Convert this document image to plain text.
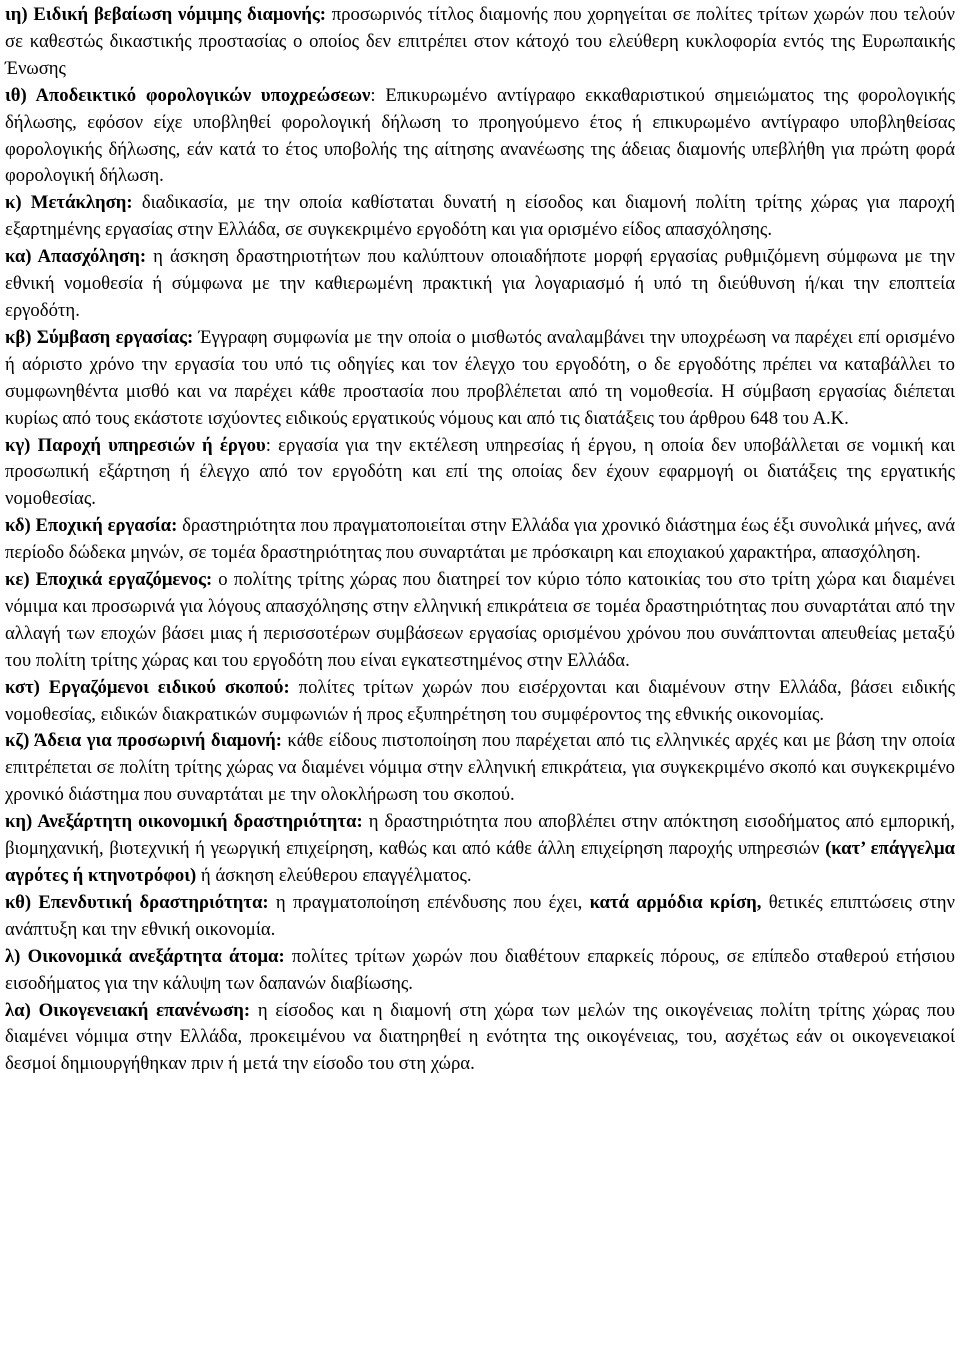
ιη) Ειδική βεβαίωση νόμιμης διαμονής: προσωρινός τίτλος διαμονής που χορηγείται σε πολίτες τρίτων χωρών που τελούν σε καθεστώς δικαστικής προστασίας ο οποίος δεν επιτρέπει στον κάτοχό του ελεύθερη κυκλοφορία εντός της Ευρωπαικής Ένωσης

ιθ) Αποδεικτικό φορολογικών υποχρεώσεων: Επικυρωμένο αντίγραφο εκκαθαριστικού σημειώματος της φορολογικής δήλωσης, εφόσον είχε υποβληθεί φορολογική δήλωση το προηγούμενο έτος ή επικυρωμένο αντίγραφο υποβληθείσας φορολογικής δήλωσης, εάν κατά το έτος υποβολής της αίτησης ανανέωσης της άδειας διαμονής υπεβλήθη για πρώτη φορά φορολογική δήλωση.

κ) Μετάκληση: διαδικασία, με την οποία καθίσταται δυνατή η είσοδος και διαμονή πολίτη τρίτης χώρας για παροχή εξαρτημένης εργασίας στην Ελλάδα, σε συγκεκριμένο εργοδότη και για ορισμένο είδος απασχόλησης.

κα) Απασχόληση: η άσκηση δραστηριοτήτων που καλύπτουν οποιαδήποτε μορφή εργασίας ρυθμιζόμενη σύμφωνα με την εθνική νομοθεσία ή σύμφωνα με την καθιερωμένη πρακτική για λογαριασμό ή υπό τη διεύθυνση ή/και την εποπτεία εργοδότη.

κβ) Σύμβαση εργασίας: Έγγραφη συμφωνία με την οποία ο μισθωτός αναλαμβάνει την υποχρέωση να παρέχει επί ορισμένο ή αόριστο χρόνο την εργασία του υπό τις οδηγίες και τον έλεγχο του εργοδότη, ο δε εργοδότης πρέπει να καταβάλλει το συμφωνηθέντα μισθό και να παρέχει κάθε προστασία που προβλέπεται από τη νομοθεσία. Η σύμβαση εργασίας διέπεται κυρίως από τους εκάστοτε ισχύοντες ειδικούς εργατικούς νόμους και από τις διατάξεις του άρθρου 648 του Α.Κ.

κγ) Παροχή υπηρεσιών ή έργου: εργασία για την εκτέλεση υπηρεσίας ή έργου, η οποία δεν υποβάλλεται σε νομική και προσωπική εξάρτηση ή έλεγχο από τον εργοδότη και επί της οποίας δεν έχουν εφαρμογή οι διατάξεις της εργατικής νομοθεσίας.

κδ) Εποχική εργασία: δραστηριότητα που πραγματοποιείται στην Ελλάδα για χρονικό διάστημα έως έξι συνολικά μήνες, ανά περίοδο δώδεκα μηνών, σε τομέα δραστηριότητας που συναρτάται με πρόσκαιρη και εποχιακού χαρακτήρα, απασχόληση.

κε) Εποχικά εργαζόμενος: ο πολίτης τρίτης χώρας που διατηρεί τον κύριο τόπο κατοικίας του στο τρίτη χώρα και διαμένει νόμιμα και προσωρινά για λόγους απασχόλησης στην ελληνική επικράτεια σε τομέα δραστηριότητας που συναρτάται από την αλλαγή των εποχών βάσει μιας ή περισσοτέρων συμβάσεων εργασίας ορισμένου χρόνου που συνάπτονται απευθείας μεταξύ του πολίτη τρίτης χώρας και του εργοδότη που είναι εγκατεστημένος στην Ελλάδα.

κστ) Εργαζόμενοι ειδικού σκοπού: πολίτες τρίτων χωρών που εισέρχονται και διαμένουν στην Ελλάδα, βάσει ειδικής νομοθεσίας, ειδικών διακρατικών συμφωνιών ή προς εξυπηρέτηση του συμφέροντος της εθνικής οικονομίας.

κζ) Άδεια για προσωρινή διαμονή: κάθε είδους πιστοποίηση που παρέχεται από τις ελληνικές αρχές και με βάση την οποία επιτρέπεται σε πολίτη τρίτης χώρας να διαμένει νόμιμα στην ελληνική επικράτεια, για συγκεκριμένο σκοπό και συγκεκριμένο χρονικό διάστημα που συναρτάται με την ολοκλήρωση του σκοπού.

κη) Ανεξάρτητη οικονομική δραστηριότητα: η δραστηριότητα που αποβλέπει στην απόκτηση εισοδήματος από εμπορική, βιομηχανική, βιοτεχνική ή γεωργική επιχείρηση, καθώς και από κάθε άλλη επιχείρηση παροχής υπηρεσιών (κατ’ επάγγελμα αγρότες ή κτηνοτρόφοι) ή άσκηση ελεύθερου επαγγέλματος.

κθ) Επενδυτική δραστηριότητα: η πραγματοποίηση επένδυσης που έχει, κατά αρμόδια κρίση, θετικές επιπτώσεις στην ανάπτυξη και την εθνική οικονομία.

λ) Οικονομικά ανεξάρτητα άτομα: πολίτες τρίτων χωρών που διαθέτουν επαρκείς πόρους, σε επίπεδο σταθερού ετήσιου εισοδήματος για την κάλυψη των δαπανών διαβίωσης.

λα) Οικογενειακή επανένωση: η είσοδος και η διαμονή στη χώρα των μελών της οικογένειας πολίτη τρίτης χώρας που διαμένει νόμιμα στην Ελλάδα, προκειμένου να διατηρηθεί η ενότητα της οικογένειας, του, ασχέτως εάν οι οικογενειακοί δεσμοί δημιουργήθηκαν πριν ή μετά την είσοδο του στη χώρα.
